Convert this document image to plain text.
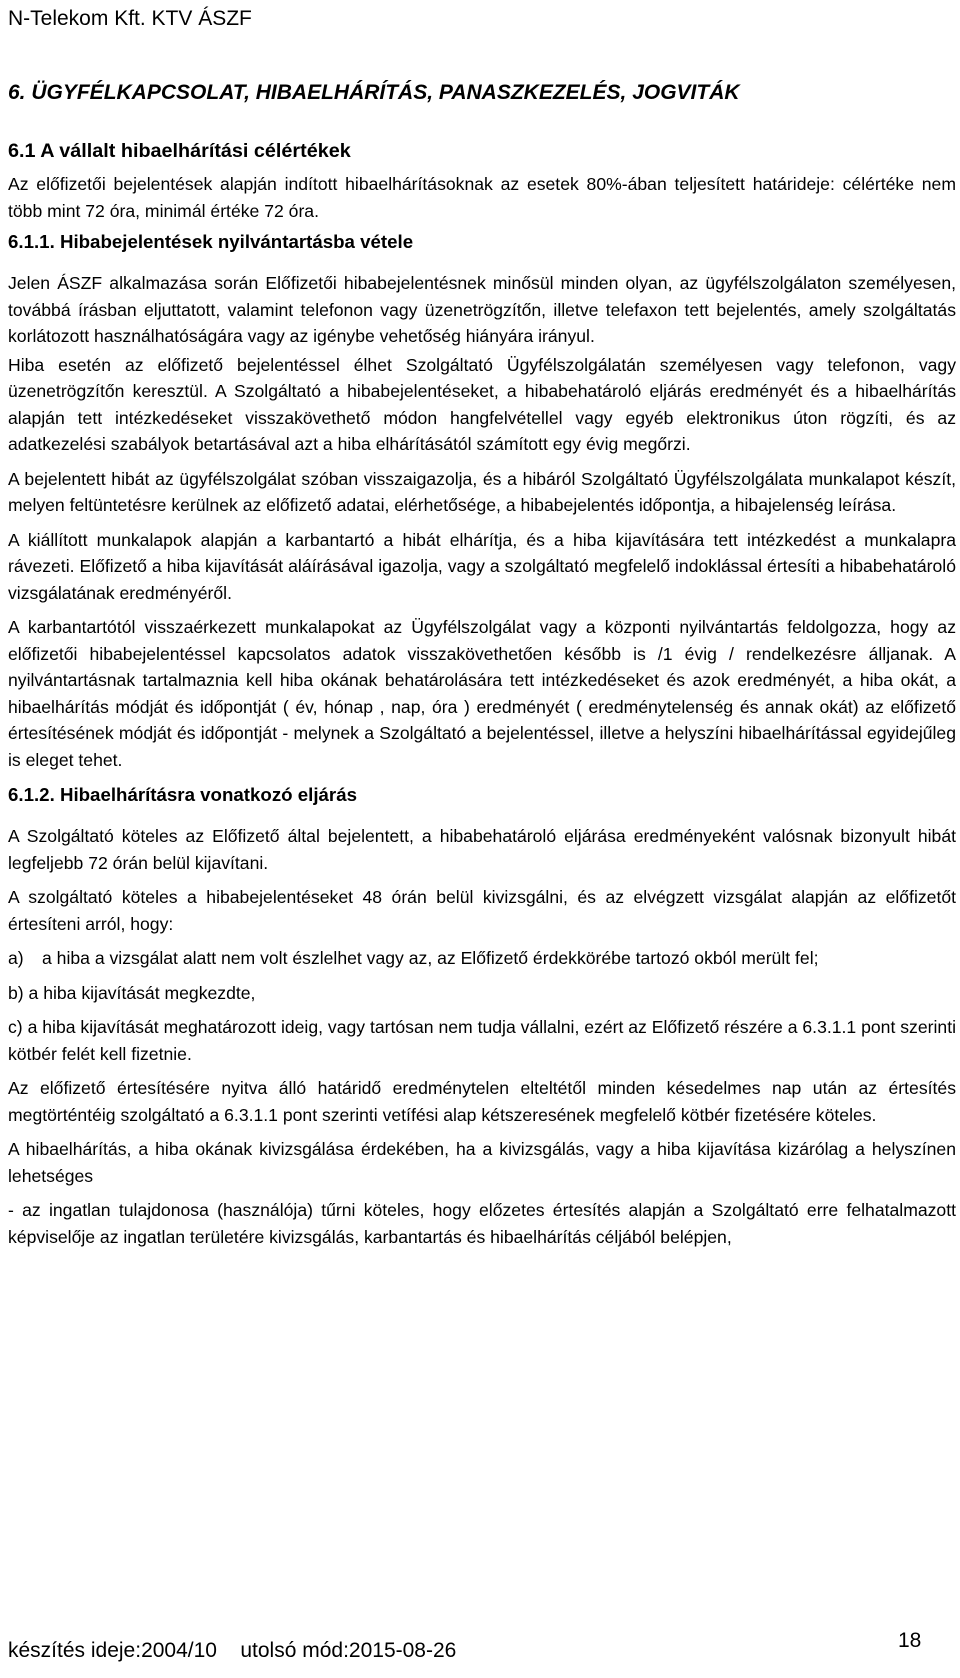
N-Telekom Kft. KTV ÁSZF
6. ÜGYFÉLKAPCSOLAT, HIBAELHÁRÍTÁS, PANASZKEZELÉS, JOGVITÁK
6.1 A vállalt hibaelhárítási célértékek

Az előfizetői bejelentések alapján indított hibaelhárításoknak az esetek 80%-ában teljesített határideje: célértéke nem több mint 72 óra, minimál értéke 72 óra.

6.1.1. Hibabejelentések nyilvántartásba vétele

Jelen ÁSZF alkalmazása során Előfizetői hibabejelentésnek minősül minden olyan, az ügyfélszolgálaton személyesen, továbbá írásban eljuttatott, valamint telefonon vagy üzenetrögzítőn, illetve telefaxon tett bejelentés, amely szolgáltatás korlátozott használhatóságára vagy az igénybe vehetőség hiányára irányul.

Hiba esetén az előfizető bejelentéssel élhet Szolgáltató Ügyfélszolgálatán személyesen vagy telefonon, vagy üzenetrögzítőn keresztül. A Szolgáltató a hibabejelentéseket, a hibabehatároló eljárás eredményét és a hibaelhárítás alapján tett intézkedéseket visszakövethető módon hangfelvétellel vagy egyéb elektronikus úton rögzíti, és az adatkezelési szabályok betartásával azt a hiba elhárításától számított egy évig megőrzi.

A bejelentett hibát az ügyfélszolgálat szóban visszaigazolja, és a hibáról Szolgáltató Ügyfélszolgálata munkalapot készít, melyen feltüntetésre kerülnek az előfizető adatai, elérhetősége, a hibabejelentés időpontja, a hibajelenség leírása.

A kiállított munkalapok alapján a karbantartó a hibát elhárítja, és a hiba kijavítására tett intézkedést a munkalapra rávezeti. Előfizető a hiba kijavítását aláírásával igazolja, vagy a szolgáltató megfelelő indoklással értesíti a hibabehatároló vizsgálatának eredményéről.

A karbantartótól visszaérkezett munkalapokat az Ügyfélszolgálat vagy a központi nyilvántartás feldolgozza, hogy az előfizetői hibabejelentéssel kapcsolatos adatok visszakövethetően később is /1 évig / rendelkezésre álljanak. A nyilvántartásnak tartalmaznia kell hiba okának behatárolására tett intézkedéseket és azok eredményét, a hiba okát, a hibaelhárítás módját és időpontját ( év, hónap , nap, óra ) eredményét ( eredménytelenség és annak okát) az előfizető értesítésének módját és időpontját - melynek a Szolgáltató a bejelentéssel, illetve a helyszíni hibaelhárítással egyidejűleg is eleget tehet.

6.1.2. Hibaelhárításra vonatkozó eljárás

A Szolgáltató köteles az Előfizető által bejelentett, a hibabehatároló eljárása eredményeként valósnak bizonyult hibát legfeljebb 72 órán belül kijavítani.

A szolgáltató köteles a hibabejelentéseket 48 órán belül kivizsgálni, és az elvégzett vizsgálat alapján az előfizetőt értesíteni arról, hogy:

a)	a hiba a vizsgálat alatt nem volt észlelhet vagy az, az Előfizető érdekkörébe tartozó okból merült fel;

b) a hiba kijavítását megkezdte,

c) a hiba kijavítását meghatározott ideig, vagy tartósan nem tudja vállalni, ezért az Előfizető részére a 6.3.1.1 pont szerinti kötbér felét kell fizetnie.

Az előfizető értesítésére nyitva álló határidő eredménytelen elteltétől minden késedelmes nap után az értesítés megtörténtéig szolgáltató a 6.3.1.1 pont szerinti vetífési alap kétszeresének megfelelő kötbér fizetésére köteles.

A hibaelhárítás, a hiba okának kivizsgálása érdekében, ha a kivizsgálás, vagy a hiba kijavítása kizárólag a helyszínen lehetséges

- az ingatlan tulajdonosa (használója) tűrni köteles, hogy előzetes értesítés alapján a Szolgáltató erre felhatalmazott képviselője az ingatlan területére kivizsgálás, karbantartás és hibaelhárítás céljából belépjen,

készítés ideje:2004/10 utolsó mód:2015-08-26	18
